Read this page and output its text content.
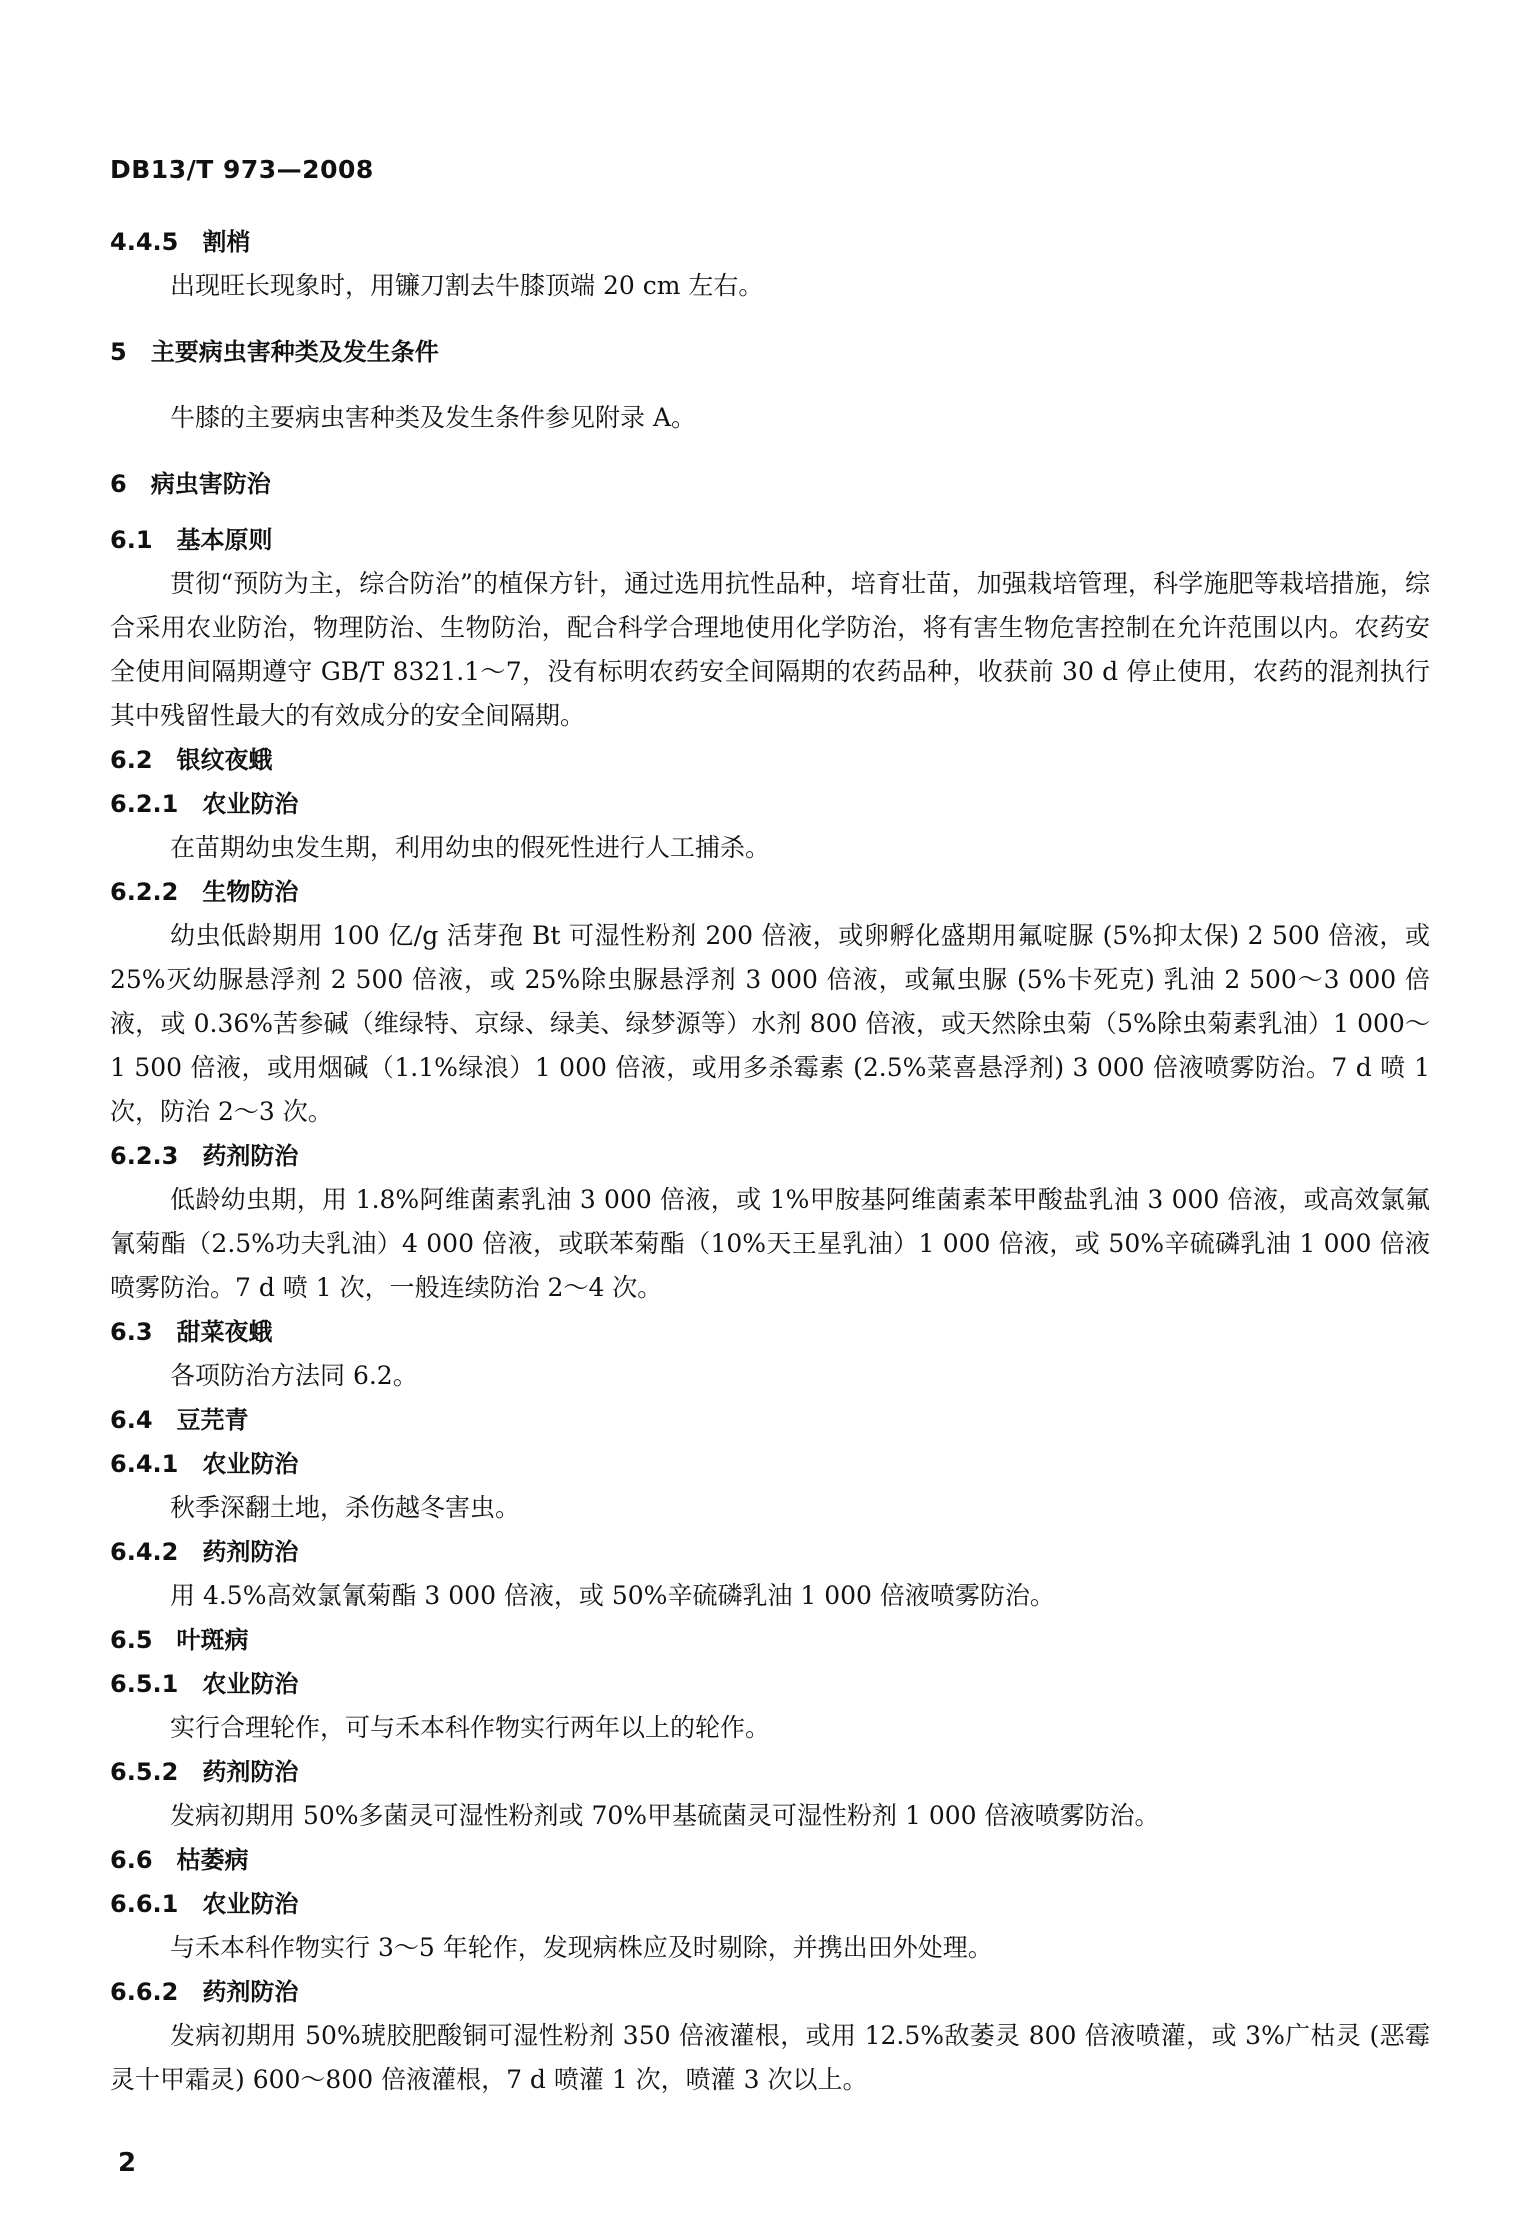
DB13/T 973—2008
4.4.5 割梢
出现旺长现象时，用镰刀割去牛膝顶端 20 cm 左右。
5 主要病虫害种类及发生条件
牛膝的主要病虫害种类及发生条件参见附录 A。
6 病虫害防治
6.1 基本原则
贯彻“预防为主，综合防治”的植保方针，通过选用抗性品种，培育壮苗，加强栽培管理，科学施肥等栽培措施，综合采用农业防治，物理防治、生物防治，配合科学合理地使用化学防治，将有害生物危害控制在允许范围以内。农药安全使用间隔期遵守 GB/T 8321.1～7，没有标明农药安全间隔期的农药品种，收获前 30 d 停止使用，农药的混剂执行其中残留性最大的有效成分的安全间隔期。
6.2 银纹夜蛾
6.2.1 农业防治
在苗期幼虫发生期，利用幼虫的假死性进行人工捕杀。
6.2.2 生物防治
幼虫低龄期用 100 亿/g 活芽孢 Bt 可湿性粉剂 200 倍液，或卵孵化盛期用氟啶脲 (5%抑太保) 2 500 倍液，或 25%灭幼脲悬浮剂 2 500 倍液，或 25%除虫脲悬浮剂 3 000 倍液，或氟虫脲 (5%卡死克) 乳油 2 500～3 000 倍液，或 0.36%苦参碱（维绿特、京绿、绿美、绿梦源等）水剂 800 倍液，或天然除虫菊（5%除虫菊素乳油）1 000～1 500 倍液，或用烟碱（1.1%绿浪）1 000 倍液，或用多杀霉素 (2.5%菜喜悬浮剂) 3 000 倍液喷雾防治。7 d 喷 1 次，防治 2～3 次。
6.2.3 药剂防治
低龄幼虫期，用 1.8%阿维菌素乳油 3 000 倍液，或 1%甲胺基阿维菌素苯甲酸盐乳油 3 000 倍液，或高效氯氟氰菊酯（2.5%功夫乳油）4 000 倍液，或联苯菊酯（10%天王星乳油）1 000 倍液，或 50%辛硫磷乳油 1 000 倍液喷雾防治。7 d 喷 1 次，一般连续防治 2～4 次。
6.3 甜菜夜蛾
各项防治方法同 6.2。
6.4 豆芫青
6.4.1 农业防治
秋季深翻土地，杀伤越冬害虫。
6.4.2 药剂防治
用 4.5%高效氯氰菊酯 3 000 倍液，或 50%辛硫磷乳油 1 000 倍液喷雾防治。
6.5 叶斑病
6.5.1 农业防治
实行合理轮作，可与禾本科作物实行两年以上的轮作。
6.5.2 药剂防治
发病初期用 50%多菌灵可湿性粉剂或 70%甲基硫菌灵可湿性粉剂 1 000 倍液喷雾防治。
6.6 枯萎病
6.6.1 农业防治
与禾本科作物实行 3～5 年轮作，发现病株应及时剔除，并携出田外处理。
6.6.2 药剂防治
发病初期用 50%琥胶肥酸铜可湿性粉剂 350 倍液灌根，或用 12.5%敌萎灵 800 倍液喷灌，或 3%广枯灵 (恶霉灵十甲霜灵) 600～800 倍液灌根，7 d 喷灌 1 次，喷灌 3 次以上。
2
